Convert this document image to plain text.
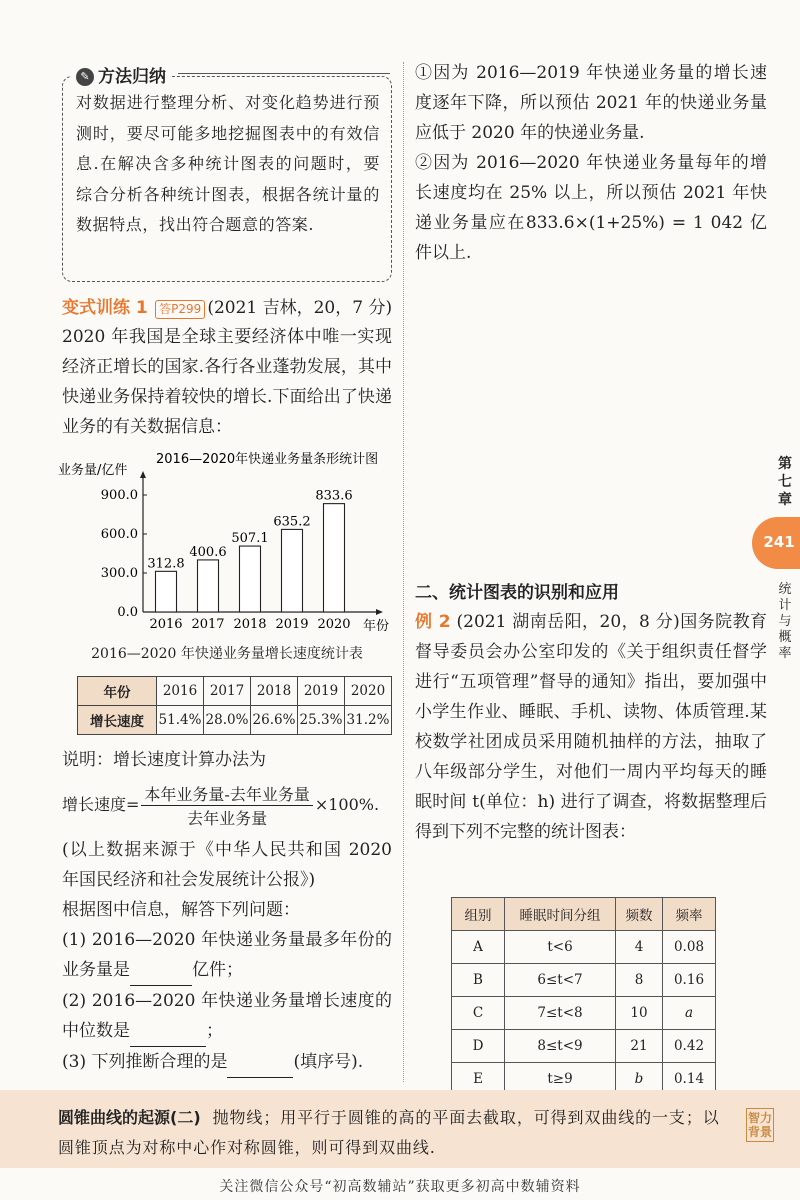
✎ 方法归纳
对数据进行整理分析、对变化趋势进行预测时，要尽可能多地挖掘图表中的有效信息.在解决含多种统计图表的问题时，要综合分析各种统计图表，根据各统计量的数据特点，找出符合题意的答案.
变式训练 1 答P299 (2021 吉林，20，7 分)
2020 年我国是全球主要经济体中唯一实现经济正增长的国家.各行各业蓬勃发展，其中快递业务保持着较快的增长.下面给出了快递业务的有关数据信息：
2016—2020年快递业务量条形统计图
业务量/亿件
年份
0.0
300.0
600.0
900.0
312.8
2016
400.6
2017
507.1
2018
635.2
2019
833.6
2020
2016—2020 年快递业务量增长速度统计表
年份	2016	2017	2018	2019	2020
增长速度	51.4%	28.0%	26.6%	25.3%	31.2%
说明：增长速度计算办法为
增长速度= $\frac{\text{本年业务量-去年业务量}}{\text{去年业务量}} \times 100\%$.
(以上数据来源于《中华人民共和国 2020 年国民经济和社会发展统计公报》)
根据图中信息，解答下列问题：
(1) 2016—2020 年快递业务量最多年份的业务量是	亿件；
(2) 2016—2020 年快递业务量增长速度的中位数是	；
(3) 下列推断合理的是	(填序号).
①因为 2016—2019 年快递业务量的增长速度逐年下降，所以预估 2021 年的快递业务量应低于 2020 年的快递业务量.
②因为 2016—2020 年快递业务量每年的增长速度均在 25% 以上，所以预估 2021 年快递业务量应在833.6×(1+25%) = 1 042 亿件以上.
二、统计图表的识别和应用
例 2 (2021 湖南岳阳，20，8 分)国务院教育督导委员会办公室印发的《关于组织责任督学进行“五项管理”督导的通知》指出，要加强中小学生作业、睡眠、手机、读物、体质管理.某校数学社团成员采用随机抽样的方法，抽取了八年级部分学生，对他们一周内平均每天的睡眠时间 t(单位：h) 进行了调查，将数据整理后得到下列不完整的统计图表：
组别	睡眠时间分组	频数	频率
A	t<6	4	0.08
B	6≤t<7	8	0.16
C	7≤t<8	10	a
D	8≤t<9	21	0.42
E	t≥9	b	0.14
第七章
241
统计与概率
圆锥曲线的起源(二) 抛物线；用平行于圆锥的高的平面去截取，可得到双曲线的一支；以圆锥顶点为对称中心作对称圆锥，则可得到双曲线.
智力背景
关注微信公众号“初高数辅站”获取更多初高中数辅资料
